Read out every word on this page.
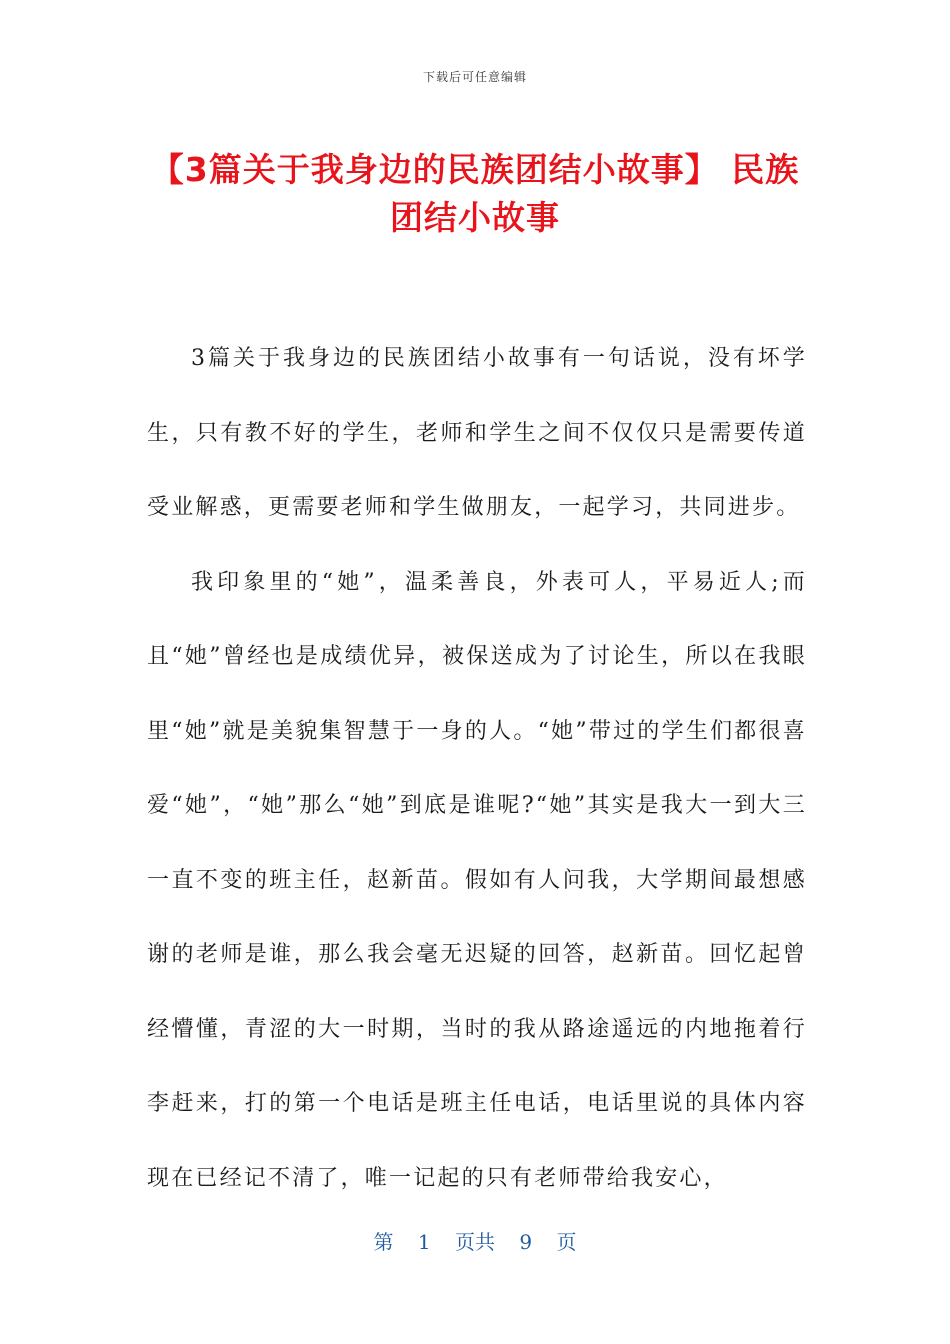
下载后可任意编辑
【3篇关于我身边的民族团结小故事】 民族团结小故事

3篇关于我身边的民族团结小故事有一句话说，没有坏学生，只有教不好的学生，老师和学生之间不仅仅只是需要传道受业解惑，更需要老师和学生做朋友，一起学习，共同进步。

我印象里的“她”，温柔善良，外表可人，平易近人;而且“她”曾经也是成绩优异，被保送成为了讨论生，所以在我眼里“她”就是美貌集智慧于一身的人。“她”带过的学生们都很喜爱“她”，“她”那么“她”到底是谁呢?“她”其实是我大一到大三一直不变的班主任，赵新苗。假如有人问我，大学期间最想感谢的老师是谁，那么我会毫无迟疑的回答，赵新苗。回忆起曾经懵懂，青涩的大一时期，当时的我从路途遥远的内地拖着行李赶来，打的第一个电话是班主任电话，电话里说的具体内容现在已经记不清了，唯一记起的只有老师带给我安心，

第 1 页共 9 页
